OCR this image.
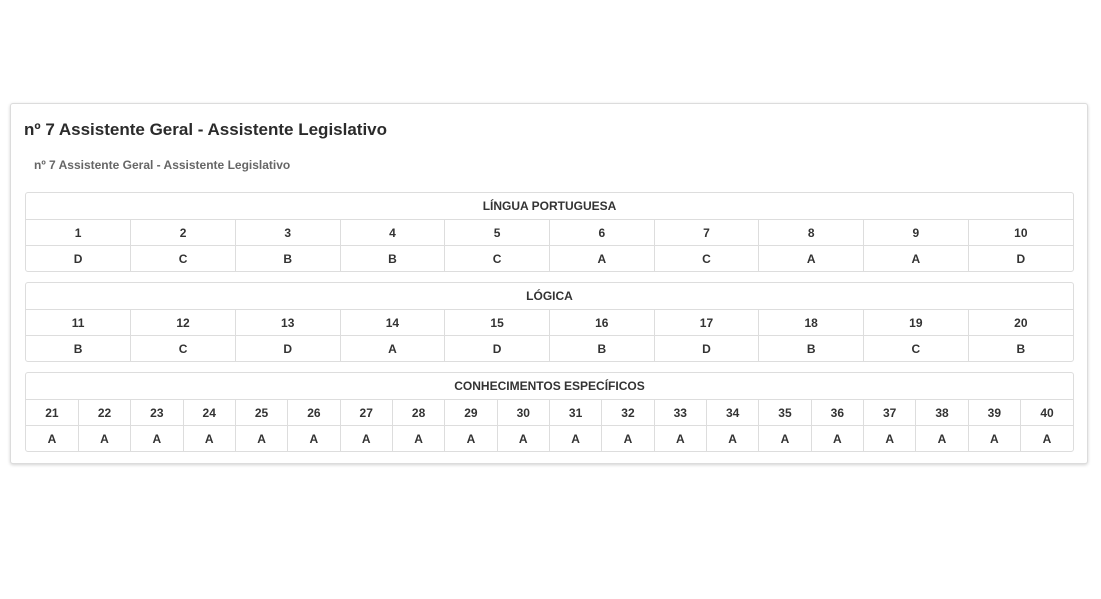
nº 7 Assistente Geral - Assistente Legislativo

nº 7 Assistente Geral - Assistente Legislativo

LÍNGUA PORTUGUESA									
1	2	3	4	5	6	7	8	9	10
D	C	B	B	C	A	C	A	A	D
LÓGICA									
11	12	13	14	15	16	17	18	19	20
B	C	D	A	D	B	D	B	C	B
CONHECIMENTOS ESPECÍFICOS																			
21	22	23	24	25	26	27	28	29	30	31	32	33	34	35	36	37	38	39	40
A	A	A	A	A	A	A	A	A	A	A	A	A	A	A	A	A	A	A	A
